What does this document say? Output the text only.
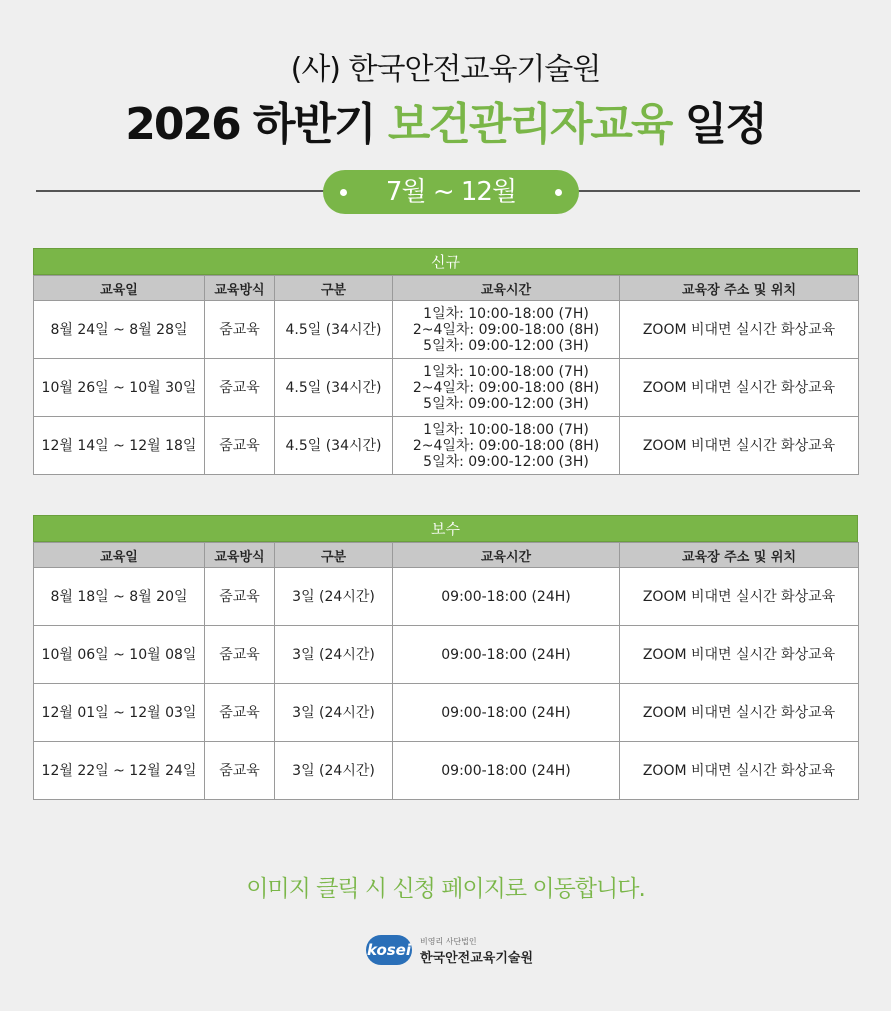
(사) 한국안전교육기술원
2026 하반기 보건관리자교육 일정
7월 ~ 12월
신규
교육일	교육방식	구분	교육시간	교육장 주소 및 위치
8월 24일 ~ 8월 28일	줌교육	4.5일 (34시간)	1일차: 10:00-18:00 (7H)
2~4일차: 09:00-18:00 (8H)
5일차: 09:00-12:00 (3H)	ZOOM 비대면 실시간 화상교육
10월 26일 ~ 10월 30일	줌교육	4.5일 (34시간)	1일차: 10:00-18:00 (7H)
2~4일차: 09:00-18:00 (8H)
5일차: 09:00-12:00 (3H)	ZOOM 비대면 실시간 화상교육
12월 14일 ~ 12월 18일	줌교육	4.5일 (34시간)	1일차: 10:00-18:00 (7H)
2~4일차: 09:00-18:00 (8H)
5일차: 09:00-12:00 (3H)	ZOOM 비대면 실시간 화상교육
보수
교육일	교육방식	구분	교육시간	교육장 주소 및 위치
8월 18일 ~ 8월 20일	줌교육	3일 (24시간)	09:00-18:00 (24H)	ZOOM 비대면 실시간 화상교육
10월 06일 ~ 10월 08일	줌교육	3일 (24시간)	09:00-18:00 (24H)	ZOOM 비대면 실시간 화상교육
12월 01일 ~ 12월 03일	줌교육	3일 (24시간)	09:00-18:00 (24H)	ZOOM 비대면 실시간 화상교육
12월 22일 ~ 12월 24일	줌교육	3일 (24시간)	09:00-18:00 (24H)	ZOOM 비대면 실시간 화상교육
이미지 클릭 시 신청 페이지로 이동합니다.
kosei 비영리 사단법인
한국안전교육기술원
